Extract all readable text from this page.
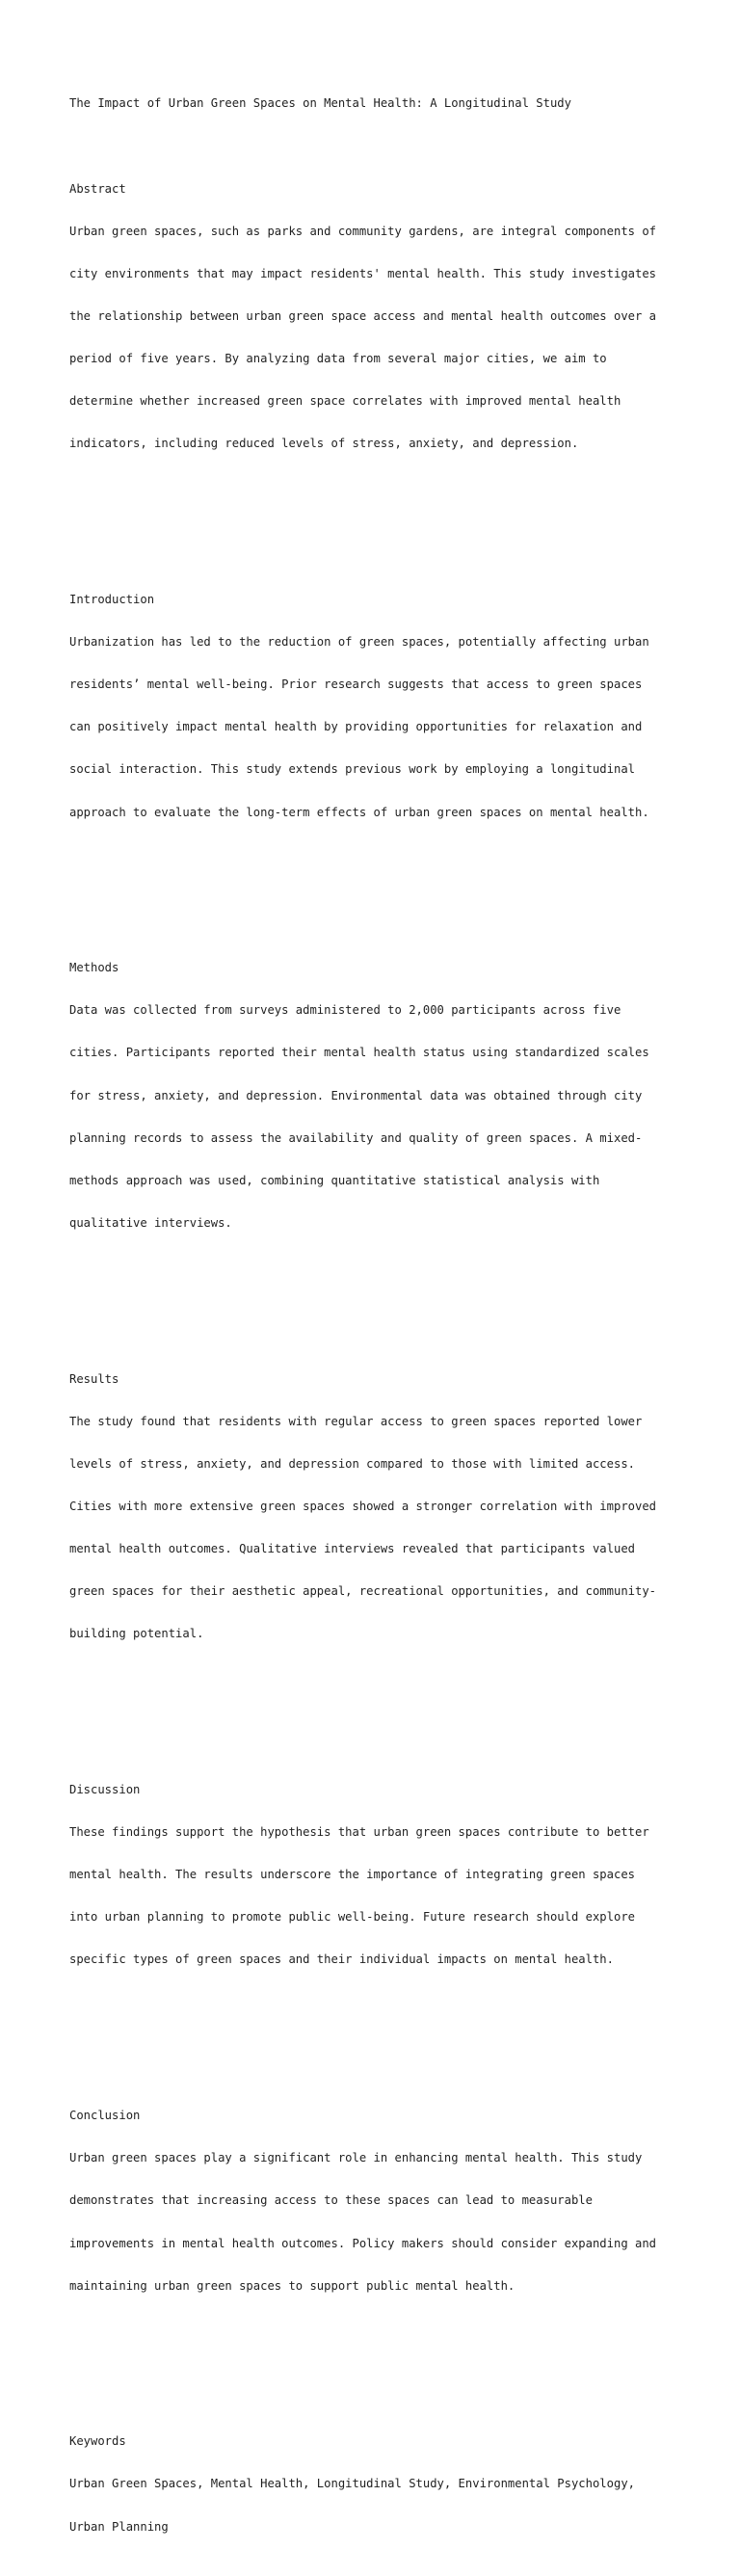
The Impact of Urban Green Spaces on Mental Health: A Longitudinal Study

Abstract

Urban green spaces, such as parks and community gardens, are integral components of

city environments that may impact residents' mental health. This study investigates

the relationship between urban green space access and mental health outcomes over a

period of five years. By analyzing data from several major cities, we aim to

determine whether increased green space correlates with improved mental health

indicators, including reduced levels of stress, anxiety, and depression.

Introduction

Urbanization has led to the reduction of green spaces, potentially affecting urban

residents’ mental well-being. Prior research suggests that access to green spaces

can positively impact mental health by providing opportunities for relaxation and

social interaction. This study extends previous work by employing a longitudinal

approach to evaluate the long-term effects of urban green spaces on mental health.

Methods

Data was collected from surveys administered to 2,000 participants across five

cities. Participants reported their mental health status using standardized scales

for stress, anxiety, and depression. Environmental data was obtained through city

planning records to assess the availability and quality of green spaces. A mixed-

methods approach was used, combining quantitative statistical analysis with

qualitative interviews.

Results

The study found that residents with regular access to green spaces reported lower

levels of stress, anxiety, and depression compared to those with limited access.

Cities with more extensive green spaces showed a stronger correlation with improved

mental health outcomes. Qualitative interviews revealed that participants valued

green spaces for their aesthetic appeal, recreational opportunities, and community-

building potential.

Discussion

These findings support the hypothesis that urban green spaces contribute to better

mental health. The results underscore the importance of integrating green spaces

into urban planning to promote public well-being. Future research should explore

specific types of green spaces and their individual impacts on mental health.

Conclusion

Urban green spaces play a significant role in enhancing mental health. This study

demonstrates that increasing access to these spaces can lead to measurable

improvements in mental health outcomes. Policy makers should consider expanding and

maintaining urban green spaces to support public mental health.

Keywords

Urban Green Spaces, Mental Health, Longitudinal Study, Environmental Psychology,

Urban Planning
